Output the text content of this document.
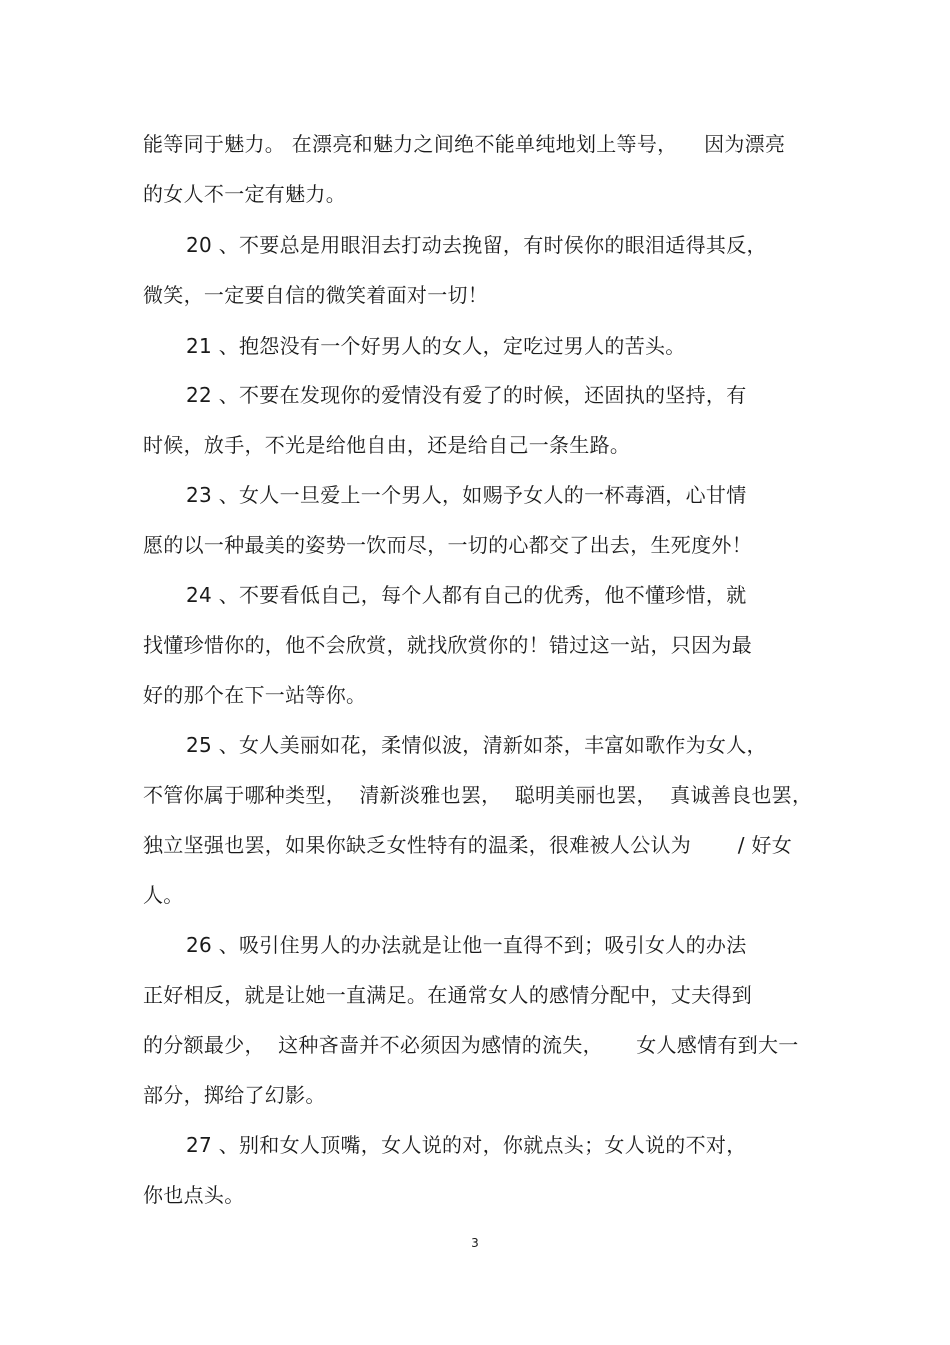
能等同于魅力。 在漂亮和魅力之间绝不能单纯地划上等号，    因为漂亮
的女人不一定有魅力。
20 、不要总是用眼泪去打动去挽留，有时侯你的眼泪适得其反，
微笑，一定要自信的微笑着面对一切！
21 、抱怨没有一个好男人的女人，定吃过男人的苦头。
22 、不要在发现你的爱情没有爱了的时候，还固执的坚持，有
时候，放手，不光是给他自由，还是给自己一条生路。
23 、女人一旦爱上一个男人，如赐予女人的一杯毒酒，心甘情
愿的以一种最美的姿势一饮而尽，一切的心都交了出去，生死度外！
24 、不要看低自己，每个人都有自己的优秀，他不懂珍惜，就
找懂珍惜你的，他不会欣赏，就找欣赏你的！错过这一站，只因为最
好的那个在下一站等你。
25 、女人美丽如花，柔情似波，清新如茶，丰富如歌作为女人，
不管你属于哪种类型，  清新淡雅也罢，  聪明美丽也罢，  真诚善良也罢，
独立坚强也罢，如果你缺乏女性特有的温柔，很难被人公认为       / 好女
人。
26 、吸引住男人的办法就是让他一直得不到；吸引女人的办法
正好相反，就是让她一直满足。在通常女人的感情分配中，丈夫得到
的分额最少，  这种吝啬并不必须因为感情的流失，     女人感情有到大一
部分，掷给了幻影。
27 、别和女人顶嘴，女人说的对，你就点头；女人说的不对，
你也点头。
3
